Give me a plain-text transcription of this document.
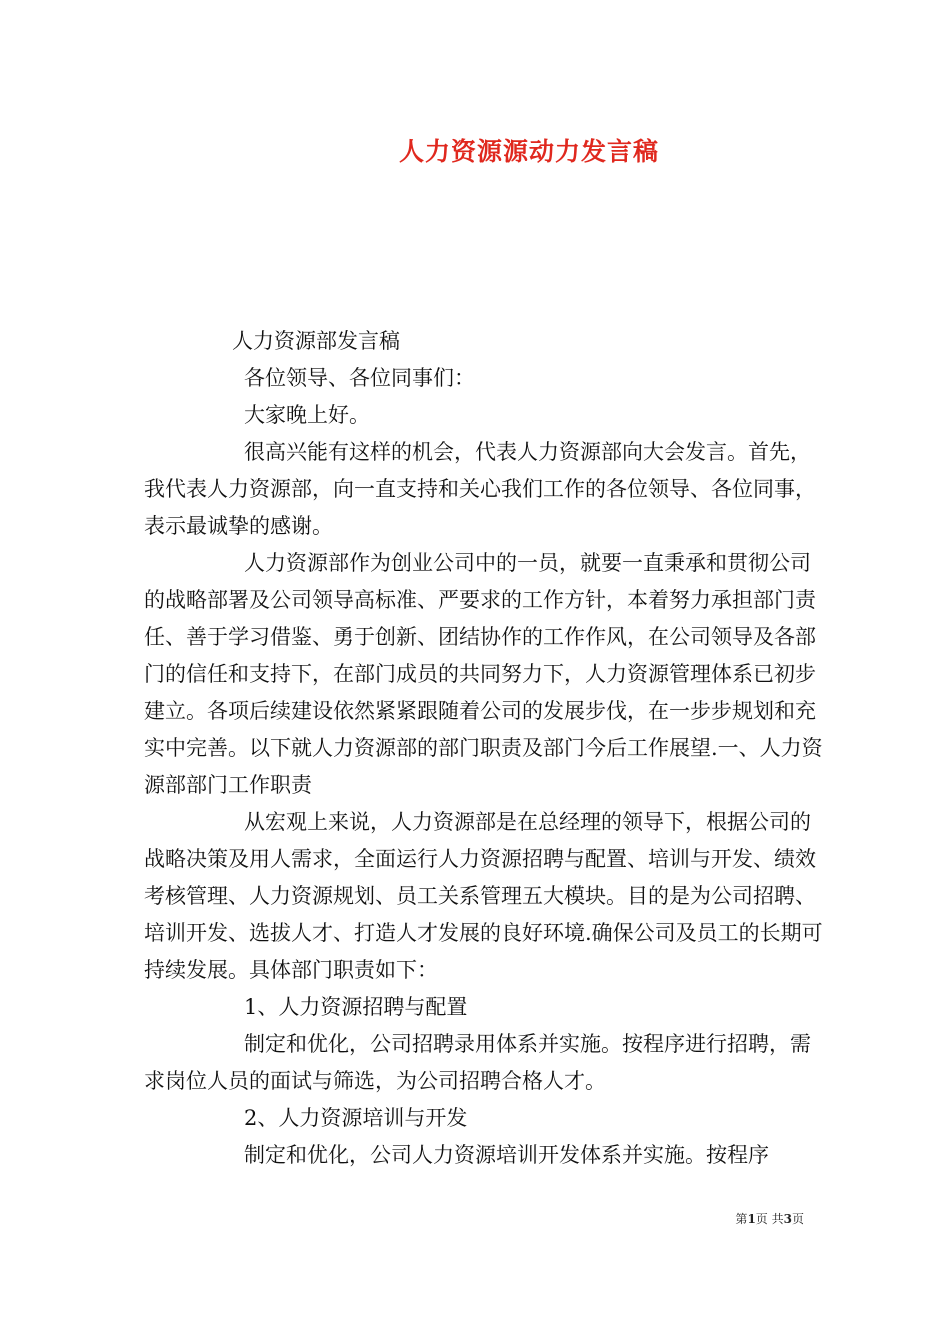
人力资源源动力发言稿

人力资源部发言稿

各位领导、各位同事们：

大家晚上好。

很高兴能有这样的机会，代表人力资源部向大会发言。首先，我代表人力资源部，向一直支持和关心我们工作的各位领导、各位同事，表示最诚挚的感谢。

人力资源部作为创业公司中的一员，就要一直秉承和贯彻公司的战略部署及公司领导高标准、严要求的工作方针，本着努力承担部门责任、善于学习借鉴、勇于创新、团结协作的工作作风，在公司领导及各部门的信任和支持下，在部门成员的共同努力下，人力资源管理体系已初步建立。各项后续建设依然紧紧跟随着公司的发展步伐，在一步步规划和充实中完善。以下就人力资源部的部门职责及部门今后工作展望.一、人力资源部部门工作职责

从宏观上来说，人力资源部是在总经理的领导下，根据公司的战略决策及用人需求，全面运行人力资源招聘与配置、培训与开发、绩效考核管理、人力资源规划、员工关系管理五大模块。目的是为公司招聘、培训开发、选拔人才、打造人才发展的良好环境.确保公司及员工的长期可持续发展。具体部门职责如下：

1、人力资源招聘与配置

制定和优化，公司招聘录用体系并实施。按程序进行招聘，需求岗位人员的面试与筛选，为公司招聘合格人才。

2、人力资源培训与开发

制定和优化，公司人力资源培训开发体系并实施。按程序

第1页 共3页
